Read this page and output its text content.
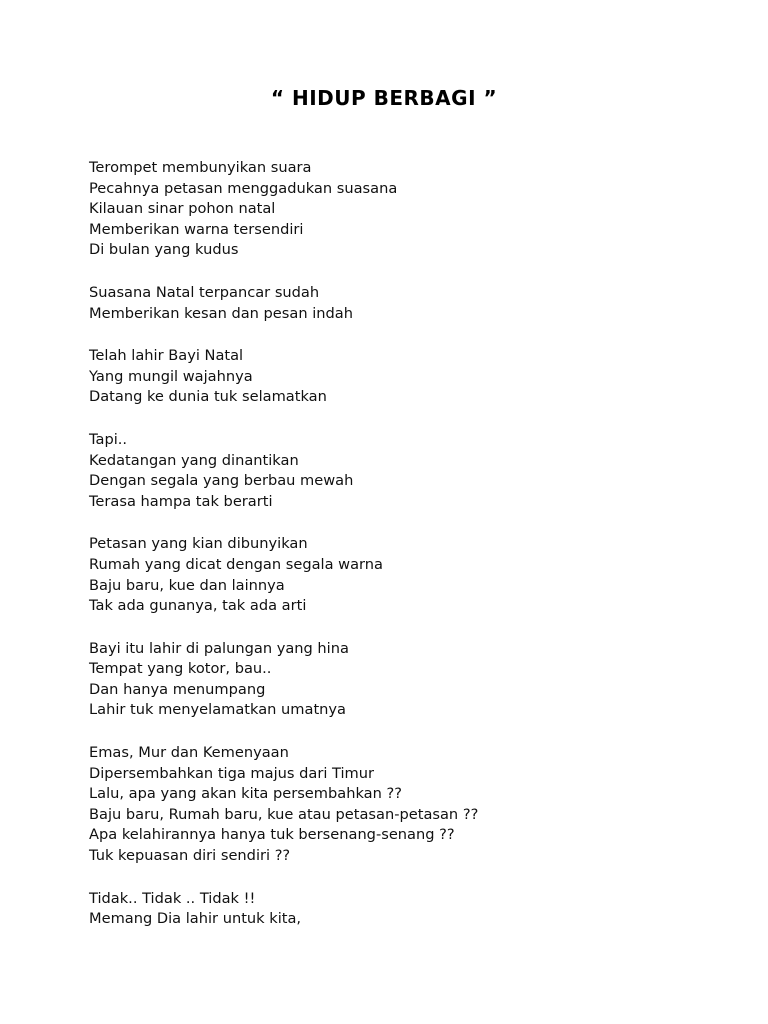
“ HIDUP BERBAGI ”
Terompet membunyikan suara
Pecahnya petasan menggadukan suasana
Kilauan sinar pohon natal
Memberikan warna tersendiri
Di bulan yang kudus
Suasana Natal terpancar sudah
Memberikan kesan dan pesan indah
Telah lahir Bayi Natal
Yang mungil wajahnya
Datang ke dunia tuk selamatkan
Tapi..
Kedatangan yang dinantikan
Dengan segala yang berbau mewah
Terasa hampa tak berarti
Petasan yang kian dibunyikan
Rumah yang dicat dengan segala warna
Baju baru, kue dan lainnya
Tak ada gunanya, tak ada arti
Bayi itu lahir di palungan yang hina
Tempat yang kotor, bau..
Dan hanya menumpang
Lahir tuk menyelamatkan umatnya
Emas, Mur dan Kemenyaan
Dipersembahkan tiga majus dari Timur
Lalu, apa yang akan kita persembahkan ??
Baju baru, Rumah baru, kue atau petasan-petasan ??
Apa kelahirannya hanya tuk bersenang-senang ??
Tuk kepuasan diri sendiri ??
Tidak.. Tidak .. Tidak !!
Memang Dia lahir untuk kita,
